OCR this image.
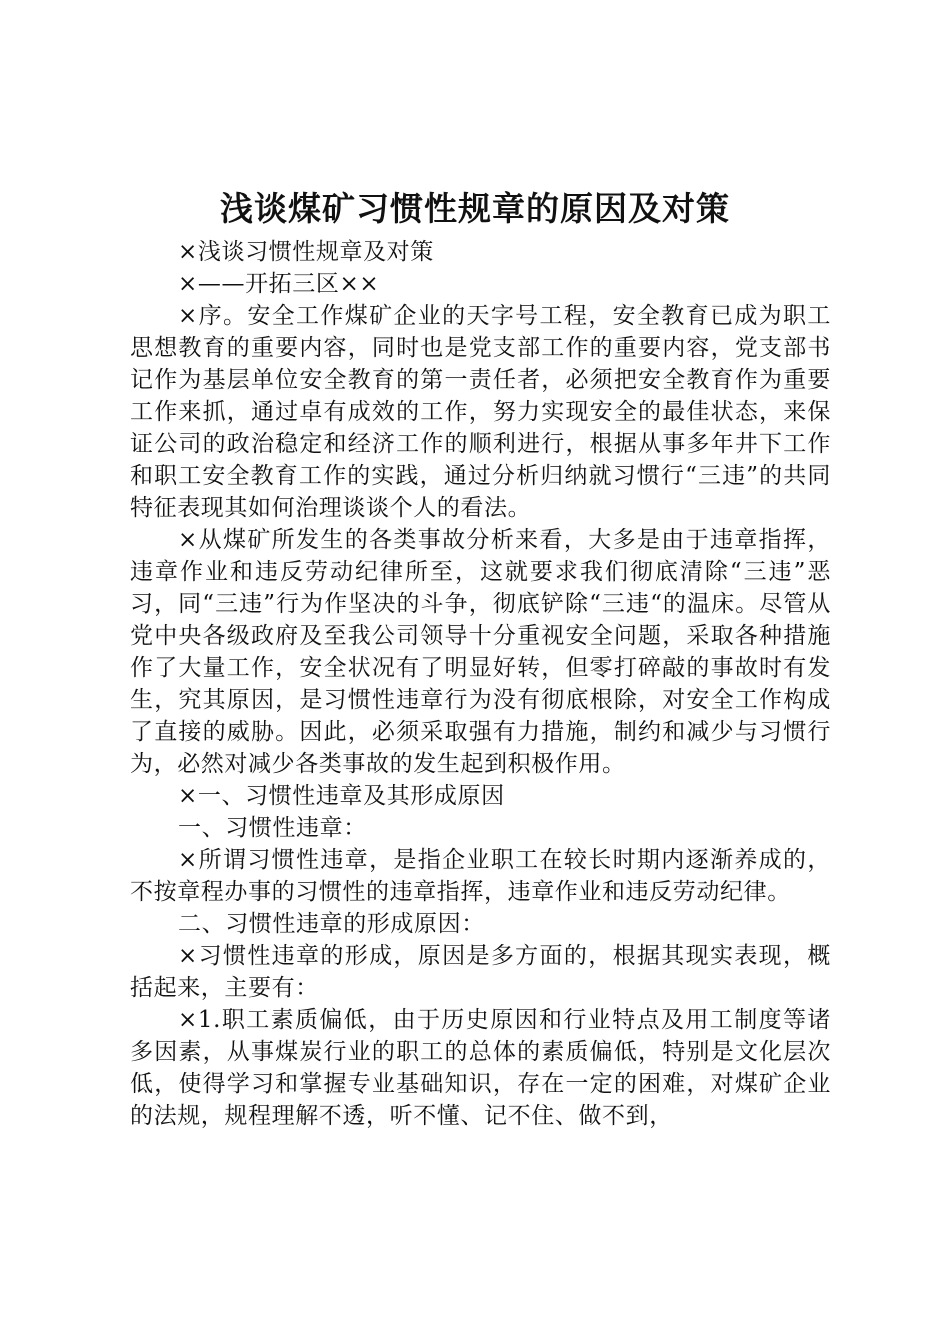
浅谈煤矿习惯性规章的原因及对策

×浅谈习惯性规章及对策

×——开拓三区××

×序。安全工作煤矿企业的天字号工程，安全教育已成为职工思想教育的重要内容，同时也是党支部工作的重要内容，党支部书记作为基层单位安全教育的第一责任者，必须把安全教育作为重要工作来抓，通过卓有成效的工作，努力实现安全的最佳状态，来保证公司的政治稳定和经济工作的顺利进行，根据从事多年井下工作和职工安全教育工作的实践，通过分析归纳就习惯行“三违”的共同特征表现其如何治理谈谈个人的看法。

×从煤矿所发生的各类事故分析来看，大多是由于违章指挥，违章作业和违反劳动纪律所至，这就要求我们彻底清除“三违”恶习，同“三违”行为作坚决的斗争，彻底铲除“三违“的温床。尽管从党中央各级政府及至我公司领导十分重视安全问题，采取各种措施作了大量工作，安全状况有了明显好转，但零打碎敲的事故时有发生，究其原因，是习惯性违章行为没有彻底根除，对安全工作构成了直接的威胁。因此，必须采取强有力措施，制约和减少与习惯行为，必然对减少各类事故的发生起到积极作用。

×一、习惯性违章及其形成原因

一、习惯性违章：

×所谓习惯性违章，是指企业职工在较长时期内逐渐养成的，不按章程办事的习惯性的违章指挥，违章作业和违反劳动纪律。

二、习惯性违章的形成原因：

×习惯性违章的形成，原因是多方面的，根据其现实表现，概括起来，主要有：

×1.职工素质偏低，由于历史原因和行业特点及用工制度等诸多因素，从事煤炭行业的职工的总体的素质偏低，特别是文化层次低，使得学习和掌握专业基础知识，存在一定的困难，对煤矿企业的法规，规程理解不透，听不懂、记不住、做不到，
